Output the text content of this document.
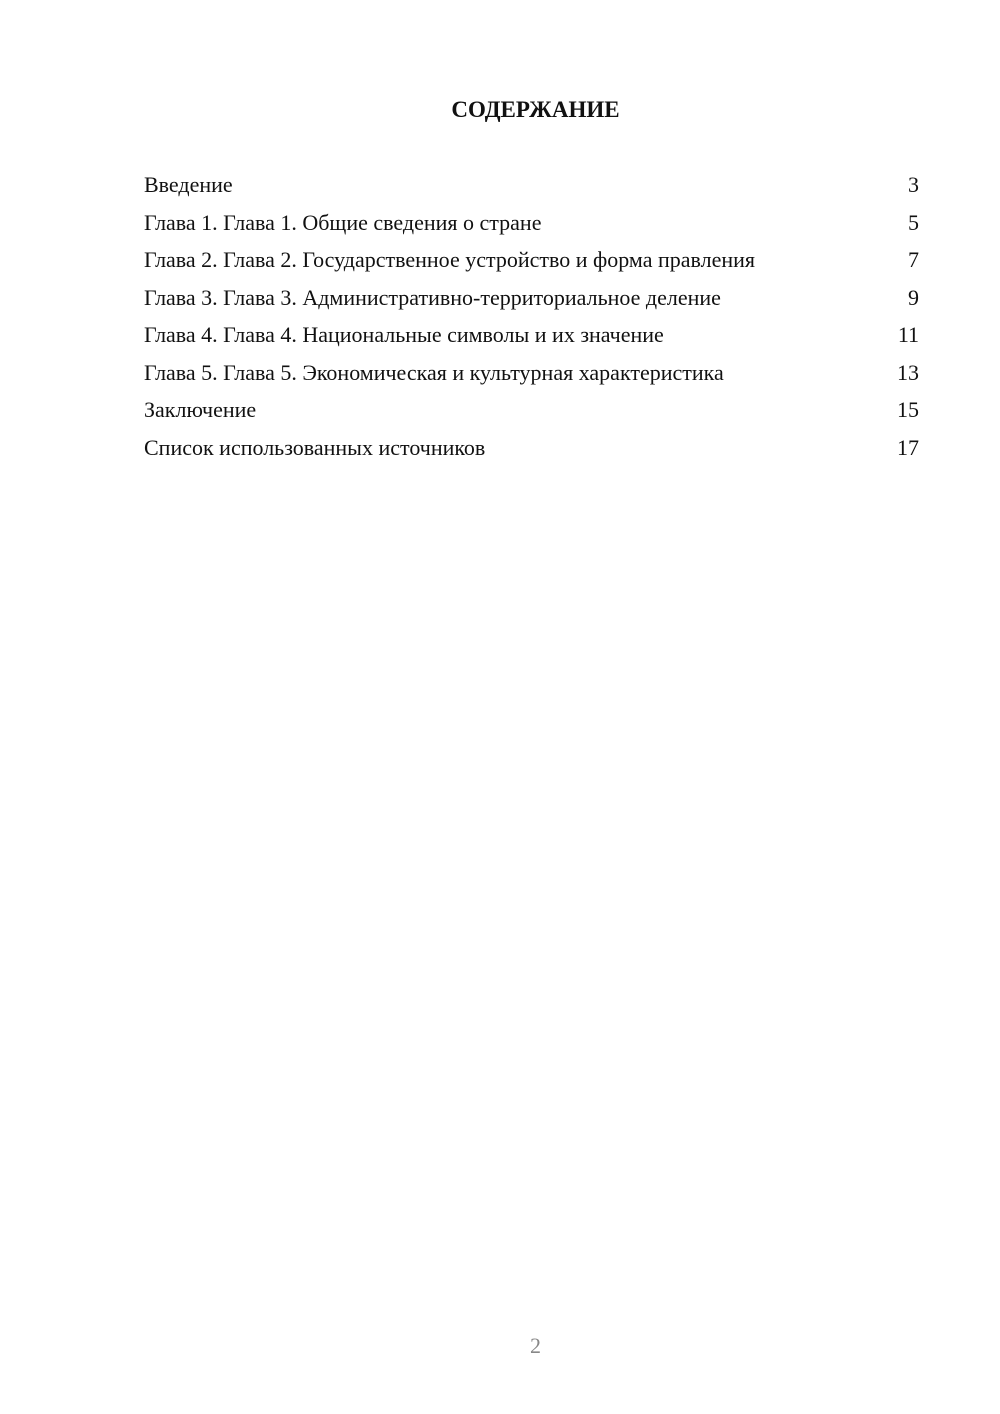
СОДЕРЖАНИЕ
Введение	3
Глава 1. Глава 1. Общие сведения о стране	5
Глава 2. Глава 2. Государственное устройство и форма правления	7
Глава 3. Глава 3. Административно-территориальное деление	9
Глава 4. Глава 4. Национальные символы и их значение	11
Глава 5. Глава 5. Экономическая и культурная характеристика	13
Заключение	15
Список использованных источников	17
2
